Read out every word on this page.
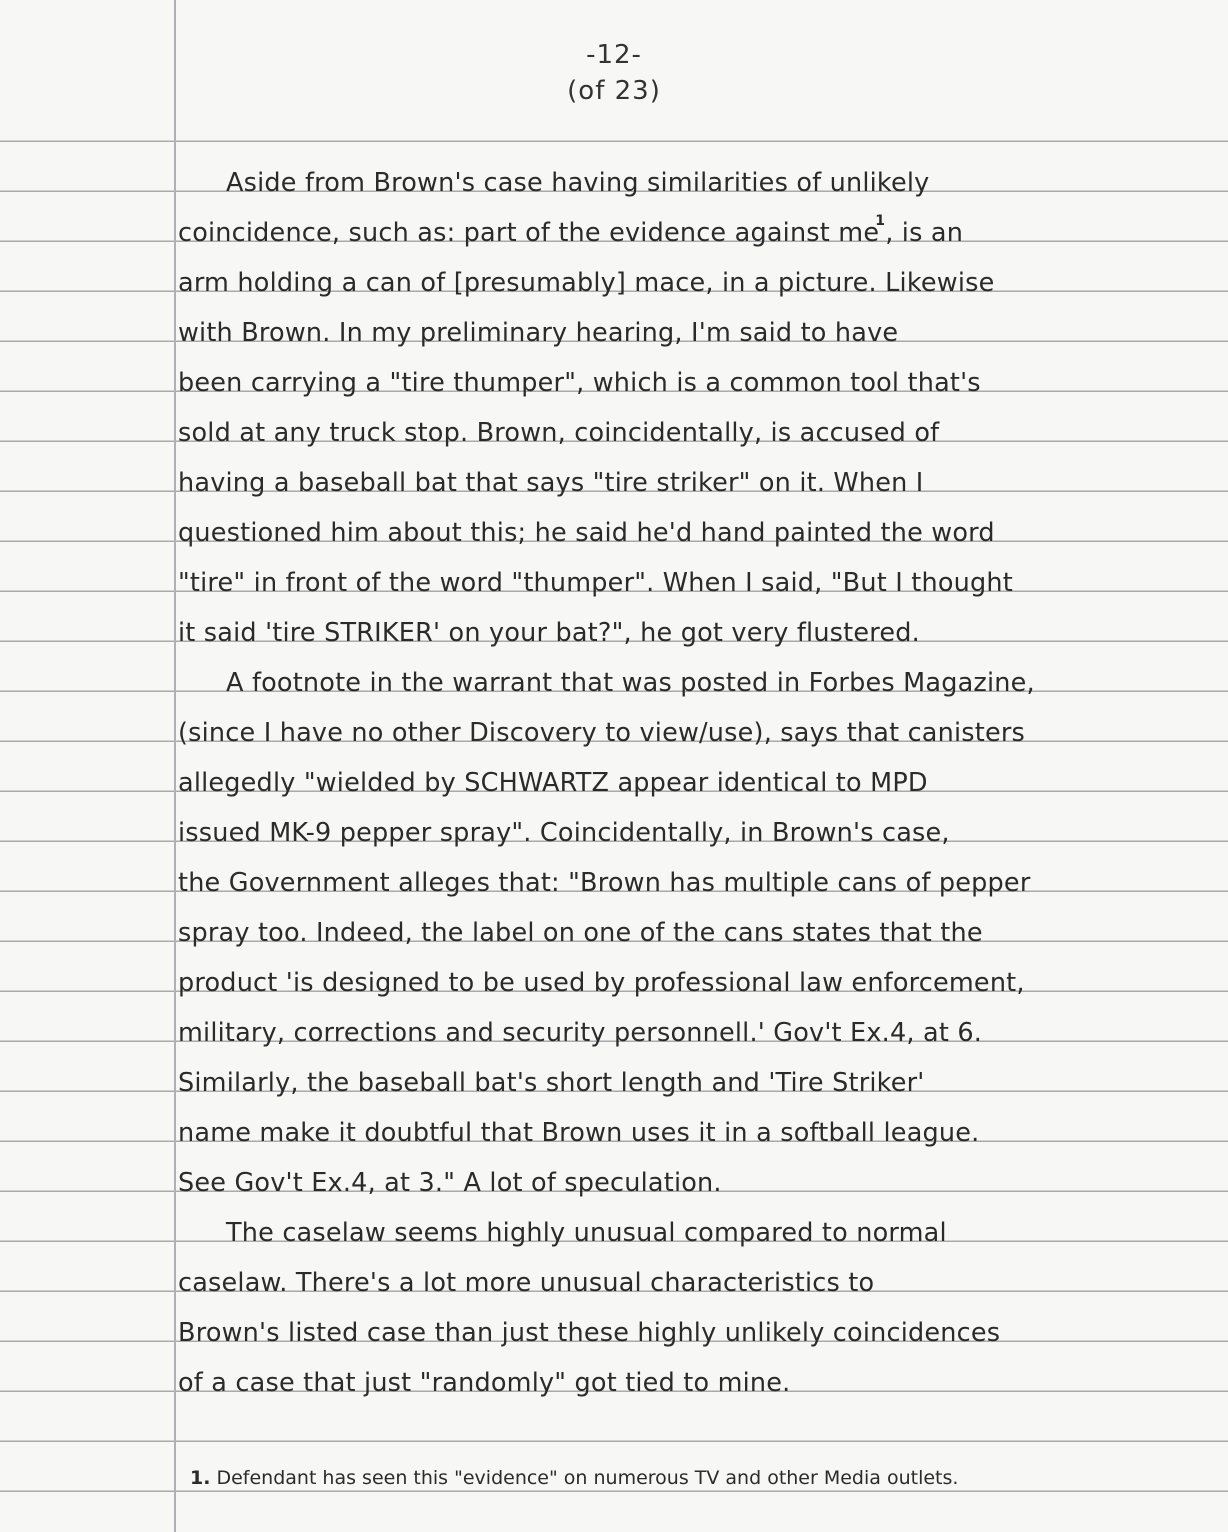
-12-
(of 23)
Aside from Brown's case having similarities of unlikely
coincidence, such as: part of the evidence against me$^1$, is an
arm holding a can of [presumably] mace, in a picture. Likewise
with Brown. In my preliminary hearing, I'm said to have
been carrying a "tire thumper", which is a common tool that's
sold at any truck stop. Brown, coincidentally, is accused of
having a baseball bat that says "tire striker" on it. When I
questioned him about this; he said he'd hand painted the word
"tire" in front of the word "thumper". When I said, "But I thought
it said 'tire STRIKER' on your bat?", he got very flustered.
A footnote in the warrant that was posted in Forbes Magazine,
(since I have no other Discovery to view/use), says that canisters
allegedly "wielded by SCHWARTZ appear identical to MPD
issued MK-9 pepper spray". Coincidentally, in Brown's case,
the Government alleges that: "Brown has multiple cans of pepper
spray too. Indeed, the label on one of the cans states that the
product 'is designed to be used by professional law enforcement,
military, corrections and security personnell.' Gov't Ex.4, at 6.
Similarly, the baseball bat's short length and 'Tire Striker'
name make it doubtful that Brown uses it in a softball league.
See Gov't Ex.4, at 3." A lot of speculation.
The caselaw seems highly unusual compared to normal
caselaw. There's a lot more unusual characteristics to
Brown's listed case than just these highly unlikely coincidences
of a case that just "randomly" got tied to mine.
1. Defendant has seen this "evidence" on numerous TV and other Media outlets.
